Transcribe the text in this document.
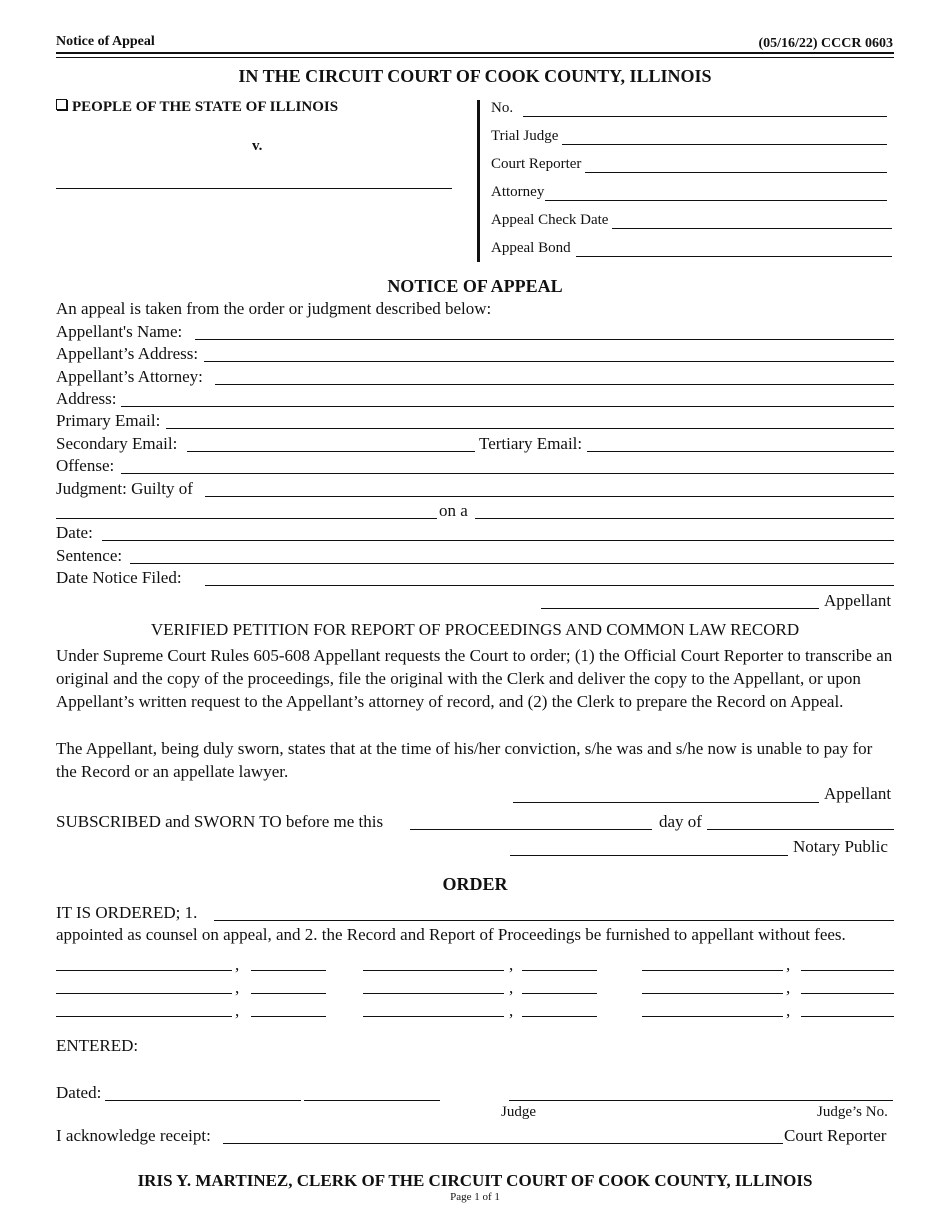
Notice of Appeal	(05/16/22) CCCR 0603
IN THE CIRCUIT COURT OF COOK COUNTY, ILLINOIS
PEOPLE OF THE STATE OF ILLINOIS
v.
No.
Trial Judge
Court Reporter
Attorney
Appeal Check Date
Appeal Bond
NOTICE OF APPEAL
An appeal is taken from the order or judgment described below:
Appellant's Name:
Appellant’s Address:
Appellant’s Attorney:
Address:
Primary Email:
Secondary Email:	Tertiary Email:
Offense:
Judgment: Guilty of
on a
Date:
Sentence:
Date Notice Filed:
Appellant
VERIFIED PETITION FOR REPORT OF PROCEEDINGS AND COMMON LAW RECORD
Under Supreme Court Rules 605-608 Appellant requests the Court to order; (1) the Official Court Reporter to transcribe an original and the copy of the proceedings, file the original with the Clerk and deliver the copy to the Appellant, or upon Appellant’s written request to the Appellant’s attorney of record, and (2) the Clerk to prepare the Record on Appeal.
The Appellant, being duly sworn, states that at the time of his/her conviction, s/he was and s/he now is unable to pay for the Record or an appellate lawyer.
Appellant
SUBSCRIBED and SWORN TO before me this	day of
Notary Public
ORDER
IT IS ORDERED; 1.
appointed as counsel on appeal, and 2. the Record and Report of Proceedings be furnished to appellant without fees.
,	,	,
,	,	,
,	,	,
ENTERED:
Dated:
Judge	Judge’s No.
I acknowledge receipt:	Court Reporter
IRIS Y. MARTINEZ, CLERK OF THE CIRCUIT COURT OF COOK COUNTY, ILLINOIS
Page 1 of 1
